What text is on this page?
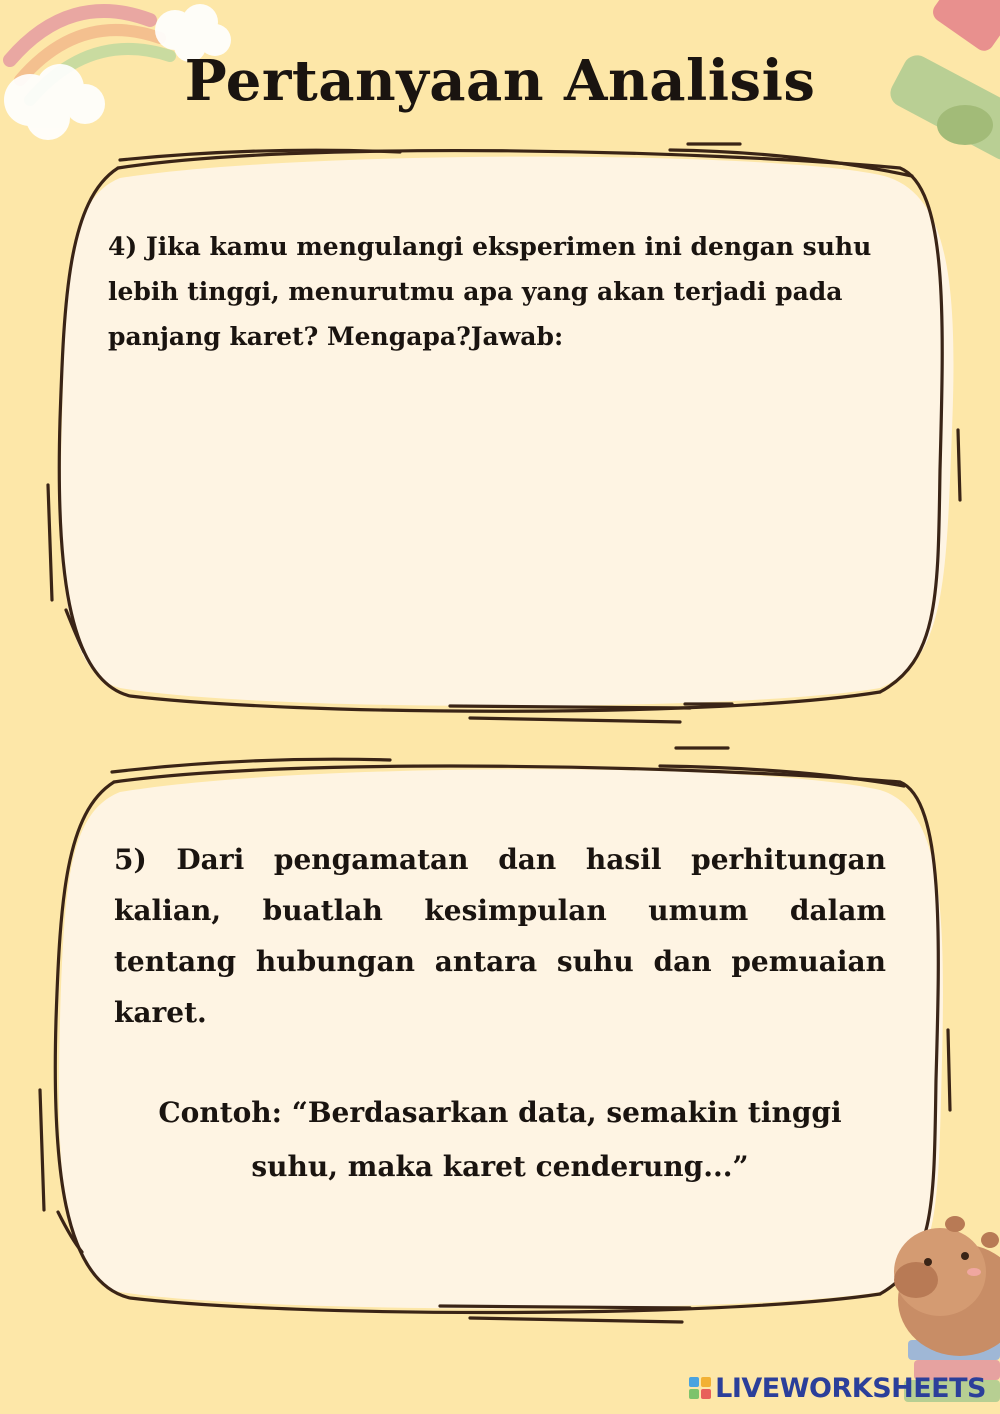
Pertanyaan Analisis

4) Jika kamu mengulangi eksperimen ini dengan suhu lebih tinggi, menurutmu apa yang akan terjadi pada panjang karet? Mengapa?Jawab:

5) Dari pengamatan dan hasil perhitungan kalian, buatlah kesimpulan umum dalam tentang hubungan antara suhu dan pemuaian karet.

Contoh: “Berdasarkan data, semakin tinggi suhu, maka karet cenderung...”

LIVEWORKSHEETS
